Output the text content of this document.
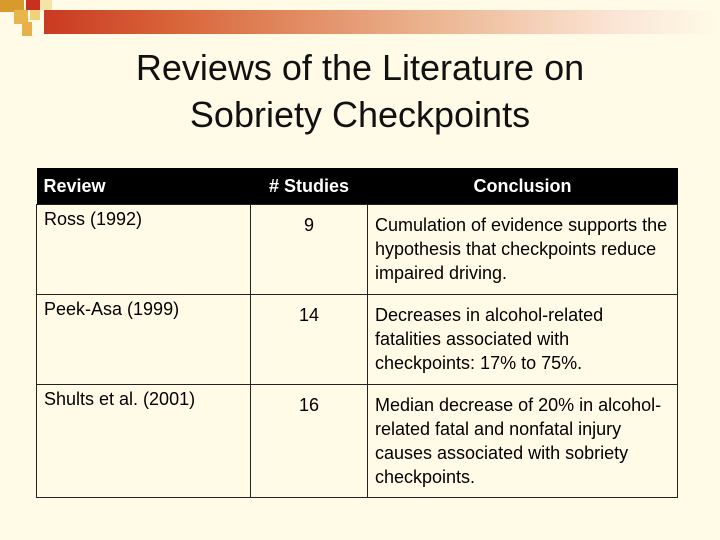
Reviews of the Literature on
Sobriety Checkpoints
Review	# Studies	Conclusion
Ross (1992)	9	Cumulation of evidence supports the hypothesis that checkpoints reduce impaired driving.
Peek-Asa (1999)	14	Decreases in alcohol-related fatalities associated with checkpoints: 17% to 75%.
Shults et al. (2001)	16	Median decrease of 20% in alcohol-related fatal and nonfatal injury causes associated with sobriety checkpoints.
